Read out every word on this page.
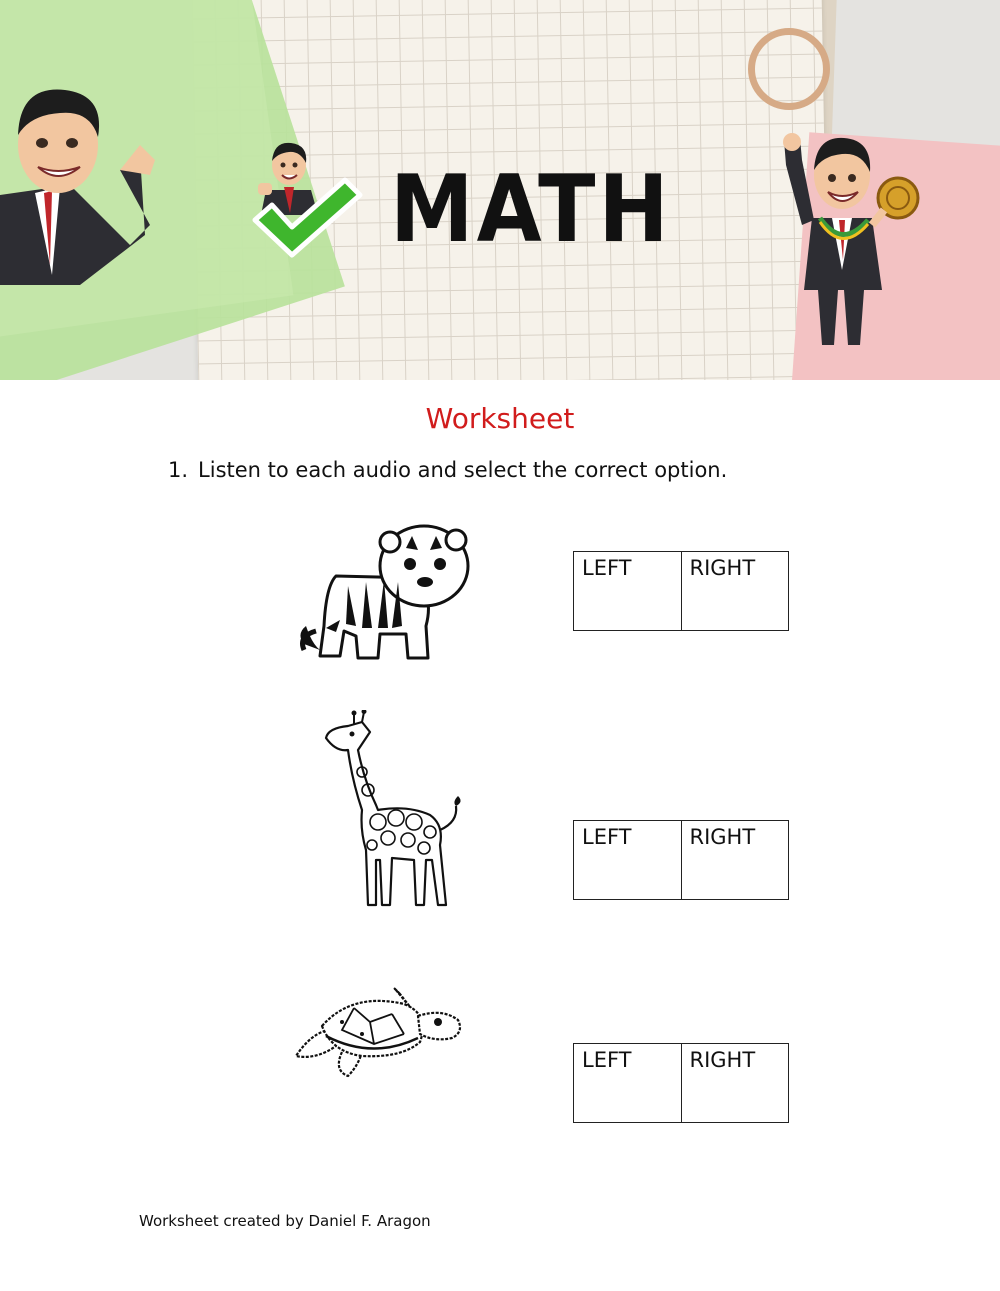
MATH
Worksheet
1. Listen to each audio and select the correct option.
LEFT	RIGHT
LEFT	RIGHT
LEFT	RIGHT
Worksheet created by Daniel F. Aragon
